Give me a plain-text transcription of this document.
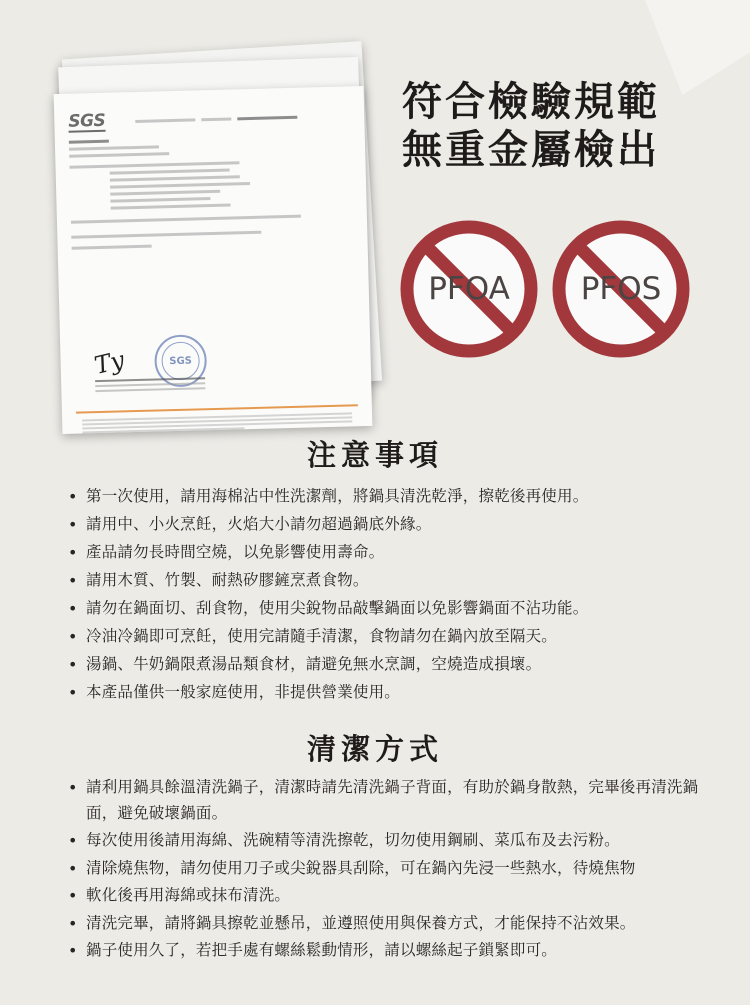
SGS
Ty	SGS
符合檢驗規範
無重金屬檢出
PFOA	PFOS
注意事項
• 第一次使用，請用海棉沾中性洗潔劑，將鍋具清洗乾淨，擦乾後再使用。
• 請用中、小火烹飪，火焰大小請勿超過鍋底外緣。
• 產品請勿長時間空燒，以免影響使用壽命。
• 請用木質、竹製、耐熱矽膠鏟烹煮食物。
• 請勿在鍋面切、刮食物，使用尖銳物品敲擊鍋面以免影響鍋面不沾功能。
• 冷油冷鍋即可烹飪，使用完請隨手清潔，食物請勿在鍋內放至隔天。
• 湯鍋、牛奶鍋限煮湯品類食材，請避免無水烹調，空燒造成損壞。
• 本產品僅供一般家庭使用，非提供營業使用。
清潔方式
• 請利用鍋具餘溫清洗鍋子，清潔時請先清洗鍋子背面，有助於鍋身散熱，完畢後再清洗鍋面，避免破壞鍋面。
• 每次使用後請用海綿、洗碗精等清洗擦乾，切勿使用鋼刷、菜瓜布及去污粉。
• 清除燒焦物，請勿使用刀子或尖銳器具刮除，可在鍋內先浸一些熱水，待燒焦物
• 軟化後再用海綿或抹布清洗。
• 清洗完畢，請將鍋具擦乾並懸吊，並遵照使用與保養方式，才能保持不沾效果。
• 鍋子使用久了，若把手處有螺絲鬆動情形，請以螺絲起子鎖緊即可。
